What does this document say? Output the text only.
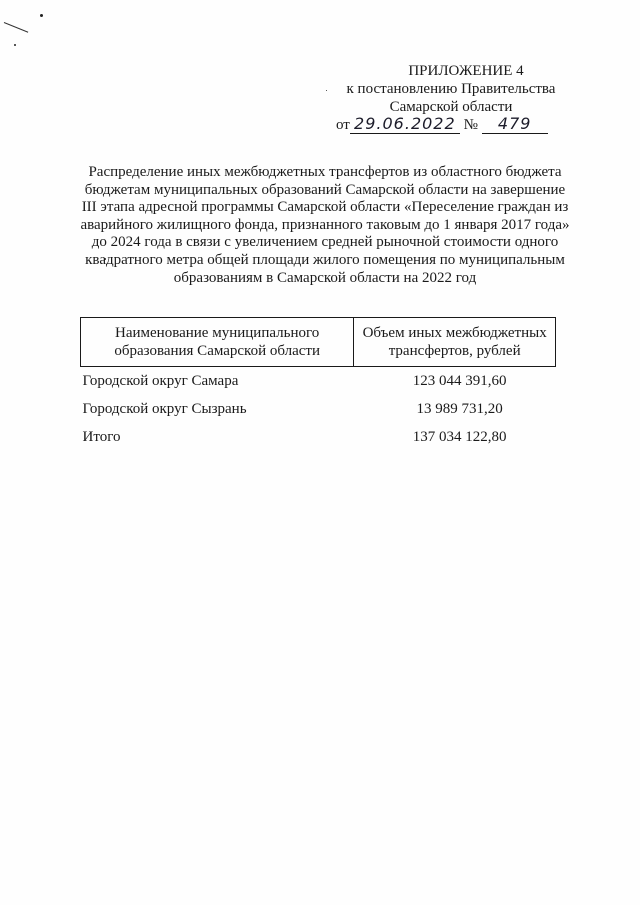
ПРИЛОЖЕНИЕ 4
к постановлению Правительства
Самарской области
от 29.06.2022 № 479
Распределение иных межбюджетных трансфертов из областного бюджета бюджетам муниципальных образований Самарской области на завершение III этапа адресной программы Самарской области «Переселение граждан из аварийного жилищного фонда, признанного таковым до 1 января 2017 года» до 2024 года в связи с увеличением средней рыночной стоимости одного квадратного метра общей площади жилого помещения по муниципальным образованиям в Самарской области на 2022 год
Наименование муниципального образования Самарской области	Объем иных межбюджетных трансфертов, рублей
Городской округ Самара	123 044 391,60
Городской округ Сызрань	13 989 731,20
Итого	137 034 122,80
